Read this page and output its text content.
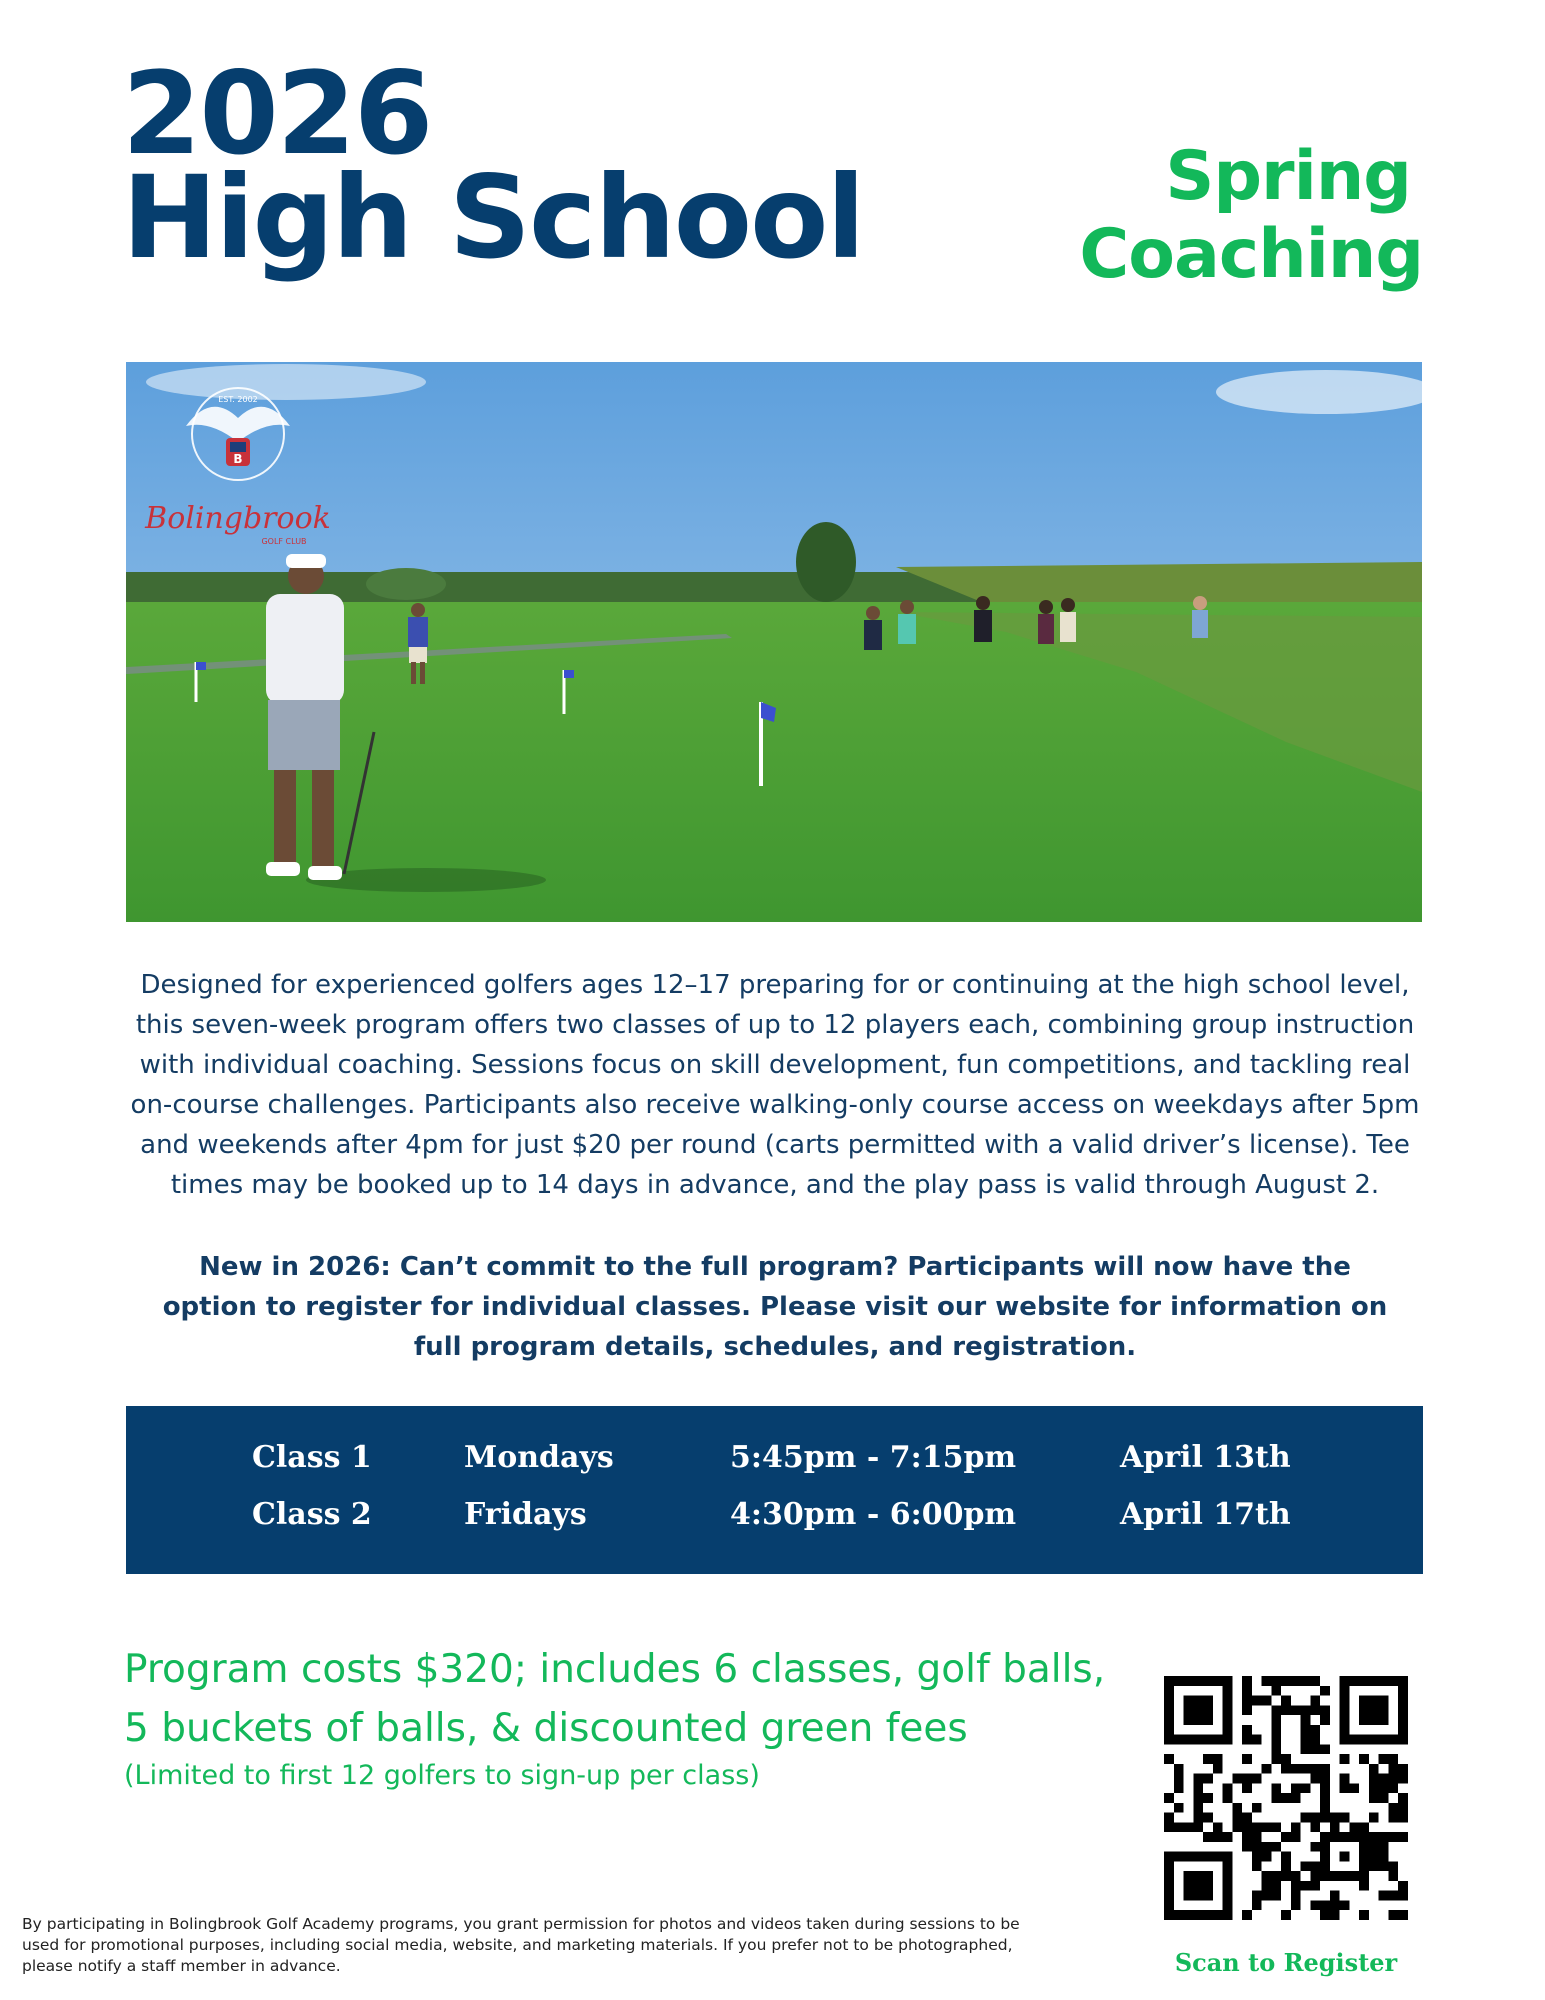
2026
High School	Spring
Coaching
B
EST. 2002
Bolingbrook
GOLF CLUB

Designed for experienced golfers ages 12–17 preparing for or continuing at the high school level, this seven-week program offers two classes of up to 12 players each, combining group instruction with individual coaching. Sessions focus on skill development, fun competitions, and tackling real on-course challenges. Participants also receive walking-only course access on weekdays after 5pm and weekends after 4pm for just $20 per round (carts permitted with a valid driver’s license). Tee times may be booked up to 14 days in advance, and the play pass is valid through August 2.

New in 2026: Can’t commit to the full program? Participants will now have the option to register for individual classes. Please visit our website for information on full program details, schedules, and registration.

Class 1	Mondays	5:45pm - 7:15pm	April 13th
Class 2	Fridays	4:30pm - 6:00pm	April 17th

Program costs $320; includes 6 classes, golf balls, 5 buckets of balls, & discounted green fees

(Limited to first 12 golfers to sign-up per class)

Scan to Register

By participating in Bolingbrook Golf Academy programs, you grant permission for photos and videos taken during sessions to be used for promotional purposes, including social media, website, and marketing materials. If you prefer not to be photographed, please notify a staff member in advance.
